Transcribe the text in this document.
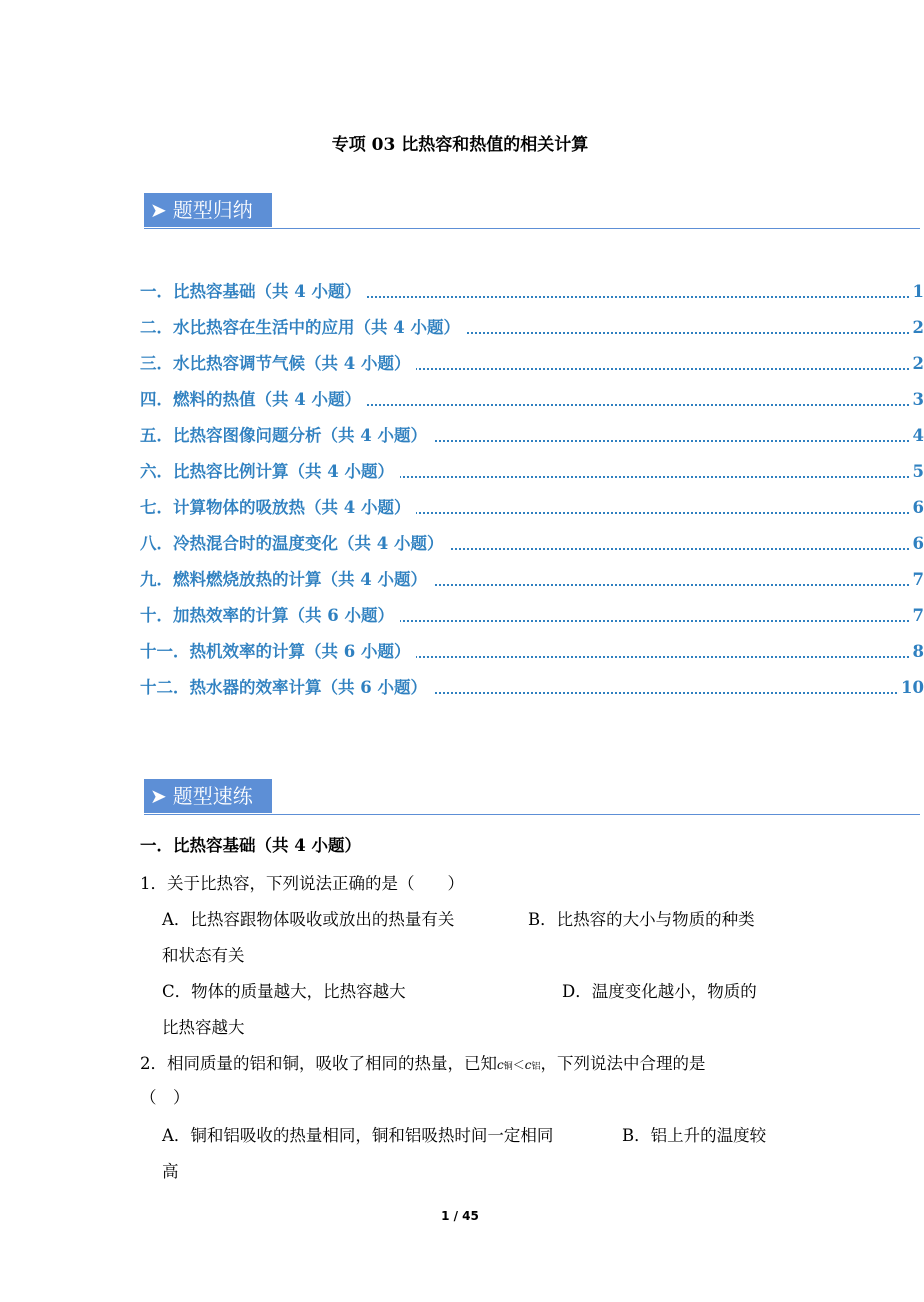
专项 03 比热容和热值的相关计算
➤ 题型归纳
一．比热容基础（共 4 小题）	1
二．水比热容在生活中的应用（共 4 小题）	2
三．水比热容调节气候（共 4 小题）	2
四．燃料的热值（共 4 小题）	3
五．比热容图像问题分析（共 4 小题）	4
六．比热容比例计算（共 4 小题）	5
七．计算物体的吸放热（共 4 小题）	6
八．冷热混合时的温度变化（共 4 小题）	6
九．燃料燃烧放热的计算（共 4 小题）	7
十．加热效率的计算（共 6 小题）	7
十一．热机效率的计算（共 6 小题）	8
十二．热水器的效率计算（共 6 小题）	10
➤ 题型速练
一．比热容基础（共 4 小题）
1．关于比热容，下列说法正确的是（　　）
A．比热容跟物体吸收或放出的热量有关	B．比热容的大小与物质的种类
和状态有关
C．物体的质量越大，比热容越大	D．温度变化越小，物质的
比热容越大
2．相同质量的铝和铜，吸收了相同的热量，已知c铜＜c铝，下列说法中合理的是
（　）
A．铜和铝吸收的热量相同，铜和铝吸热时间一定相同	B．铝上升的温度较
高
1 / 45
